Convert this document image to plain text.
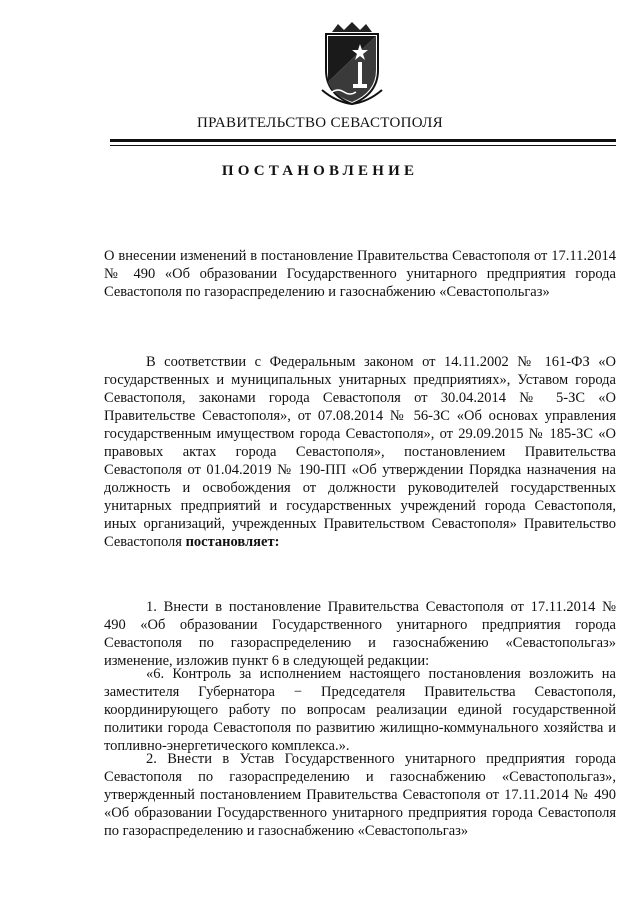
ПРАВИТЕЛЬСТВО СЕВАСТОПОЛЯ
ПОСТАНОВЛЕНИЕ

О внесении изменений в постановление Правительства Севастополя от 17.11.2014 № 490 «Об образовании Государственного унитарного предприятия города Севастополя по газораспределению и газоснабжению «Севастопольгаз»

В соответствии с Федеральным законом от 14.11.2002 № 161-ФЗ «О государственных и муниципальных унитарных предприятиях», Уставом города Севастополя, законами города Севастополя от 30.04.2014 № 5-ЗС «О Правительстве Севастополя», от 07.08.2014 № 56-ЗС «Об основах управления государственным имуществом города Севастополя», от 29.09.2015 № 185-ЗС «О правовых актах города Севастополя», постановлением Правительства Севастополя от 01.04.2019 № 190-ПП «Об утверждении Порядка назначения на должность и освобождения от должности руководителей государственных унитарных предприятий и государственных учреждений города Севастополя, иных организаций, учрежденных Правительством Севастополя» Правительство Севастополя постановляет:

1. Внести в постановление Правительства Севастополя от 17.11.2014 № 490 «Об образовании Государственного унитарного предприятия города Севастополя по газораспределению и газоснабжению «Севастопольгаз» изменение, изложив пункт 6 в следующей редакции:

«6. Контроль за исполнением настоящего постановления возложить на заместителя Губернатора − Председателя Правительства Севастополя, координирующего работу по вопросам реализации единой государственной политики города Севастополя по развитию жилищно-коммунального хозяйства и топливно-энергетического комплекса.».

2. Внести в Устав Государственного унитарного предприятия города Севастополя по газораспределению и газоснабжению «Севастопольгаз», утвержденный постановлением Правительства Севастополя от 17.11.2014 № 490 «Об образовании Государственного унитарного предприятия города Севастополя по газораспределению и газоснабжению «Севастопольгаз»
